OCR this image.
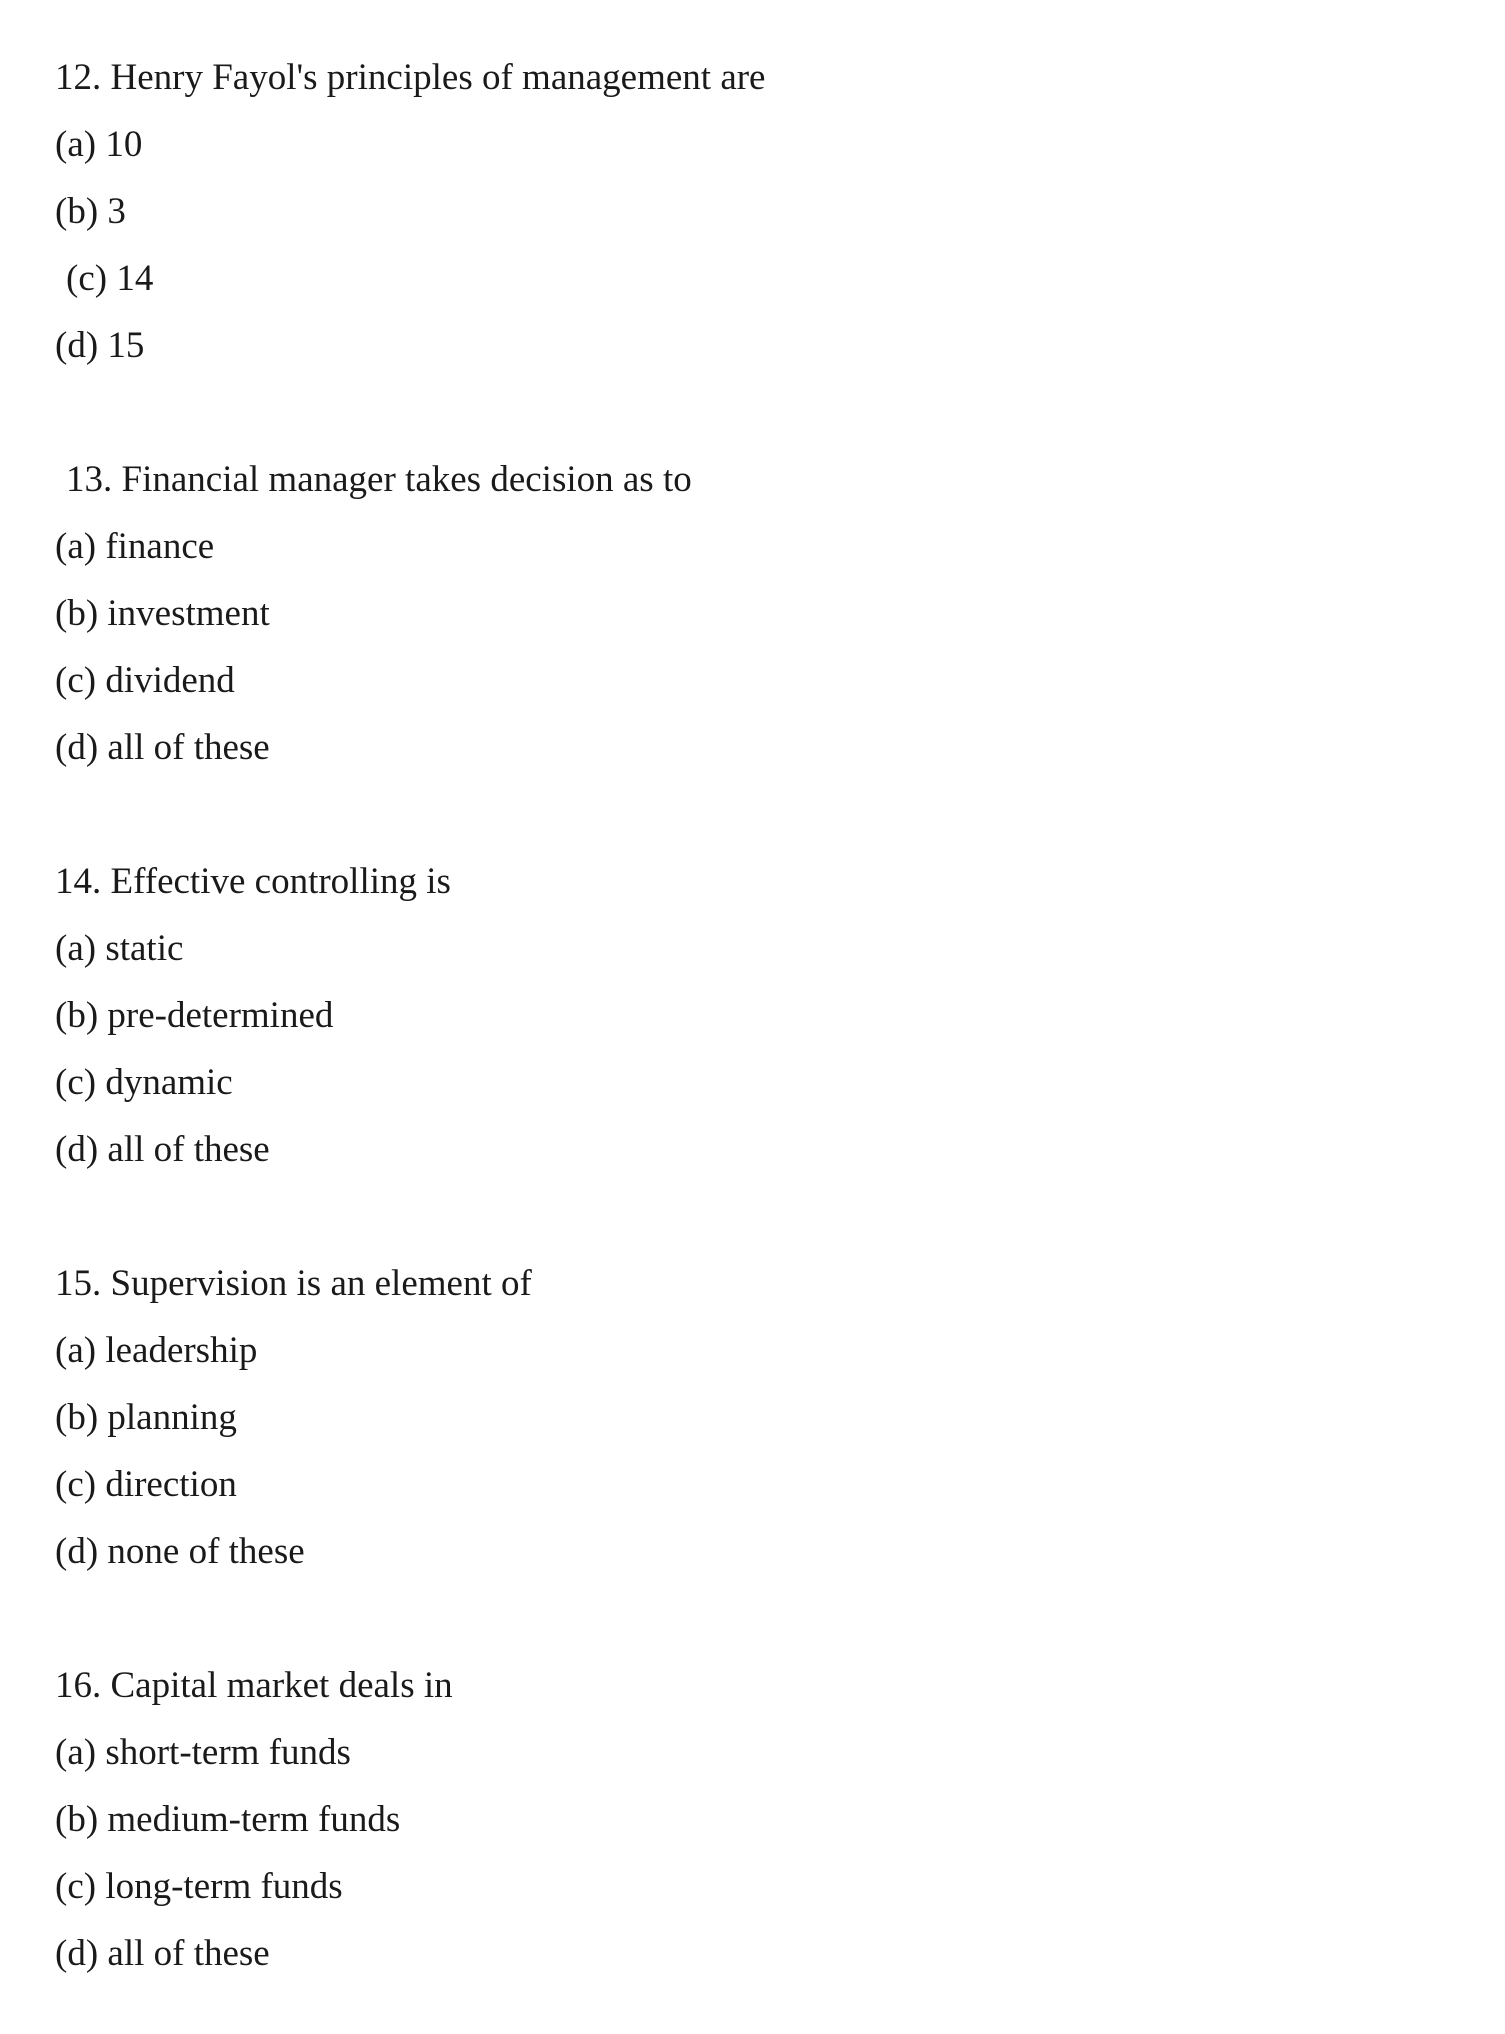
12. Henry Fayol's principles of management are
(a) 10
(b) 3
(c) 14
(d) 15
13. Financial manager takes decision as to
(a) finance
(b) investment
(c) dividend
(d) all of these
14. Effective controlling is
(a) static
(b) pre-determined
(c) dynamic
(d) all of these
15. Supervision is an element of
(a) leadership
(b) planning
(c) direction
(d) none of these
16. Capital market deals in
(a) short-term funds
(b) medium-term funds
(c) long-term funds
(d) all of these
